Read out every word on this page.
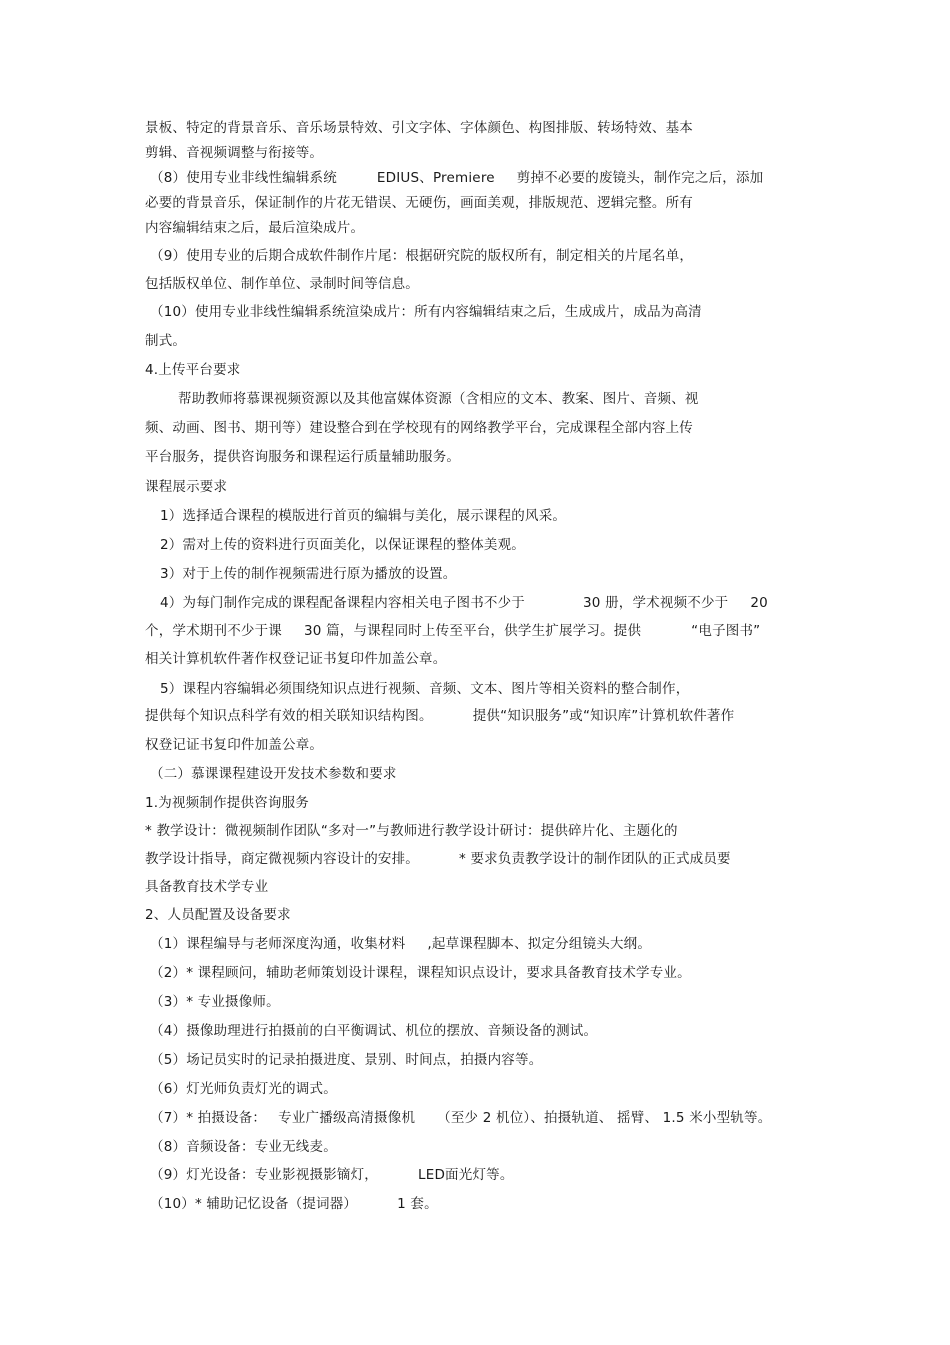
景板、特定的背景音乐、音乐场景特效、引文字体、字体颜色、构图排版、转场特效、基本
剪辑、音视频调整与衔接等。
（8）使用专业非线性编辑系统	EDIUS、Premiere 剪掉不必要的废镜头，制作完之后，添加
必要的背景音乐，保证制作的片花无错误、无硬伤，画面美观，排版规范、逻辑完整。所有
内容编辑结束之后，最后渲染成片。
（9）使用专业的后期合成软件制作片尾：根据研究院的版权所有，制定相关的片尾名单，
包括版权单位、制作单位、录制时间等信息。
（10）使用专业非线性编辑系统渲染成片：所有内容编辑结束之后，生成成片，成品为高清
制式。
4.上传平台要求
帮助教师将慕课视频资源以及其他富媒体资源（含相应的文本、教案、图片、音频、视
频、动画、图书、期刊等）建设整合到在学校现有的网络教学平台，完成课程全部内容上传
平台服务，提供咨询服务和课程运行质量辅助服务。
课程展示要求
1）选择适合课程的模版进行首页的编辑与美化，展示课程的风采。
2）需对上传的资料进行页面美化，以保证课程的整体美观。
3）对于上传的制作视频需进行原为播放的设置。
4）为每门制作完成的课程配备课程内容相关电子图书不少于	30 册，学术视频不少于 20
个，学术期刊不少于课 30 篇，与课程同时上传至平台，供学生扩展学习。提供	“电子图书”
相关计算机软件著作权登记证书复印件加盖公章。
5）课程内容编辑必须围绕知识点进行视频、音频、文本、图片等相关资料的整合制作，
提供每个知识点科学有效的相关联知识结构图。	提供“知识服务”或“知识库”计算机软件著作
权登记证书复印件加盖公章。
（二）慕课课程建设开发技术参数和要求
1.为视频制作提供咨询服务
* 教学设计：微视频制作团队“多对一”与教师进行教学设计研讨：提供碎片化、主题化的
教学设计指导，商定微视频内容设计的安排。	* 要求负责教学设计的制作团队的正式成员要
具备教育技术学专业
2、人员配置及设备要求
（1）课程编导与老师深度沟通，收集材料 ,起草课程脚本、拟定分组镜头大纲。
（2）* 课程顾问，辅助老师策划设计课程，课程知识点设计，要求具备教育技术学专业。
（3）* 专业摄像师。
（4）摄像助理进行拍摄前的白平衡调试、机位的摆放、音频设备的测试。
（5）场记员实时的记录拍摄进度、景别、时间点，拍摄内容等。
（6）灯光师负责灯光的调式。
（7）* 拍摄设备： 专业广播级高清摄像机 （至少 2 机位）、拍摄轨道、 摇臂、 1.5 米小型轨等。
（8）音频设备：专业无线麦。
（9）灯光设备：专业影视摄影镝灯，	LED面光灯等。
（10）* 辅助记忆设备（提词器）	1 套。
